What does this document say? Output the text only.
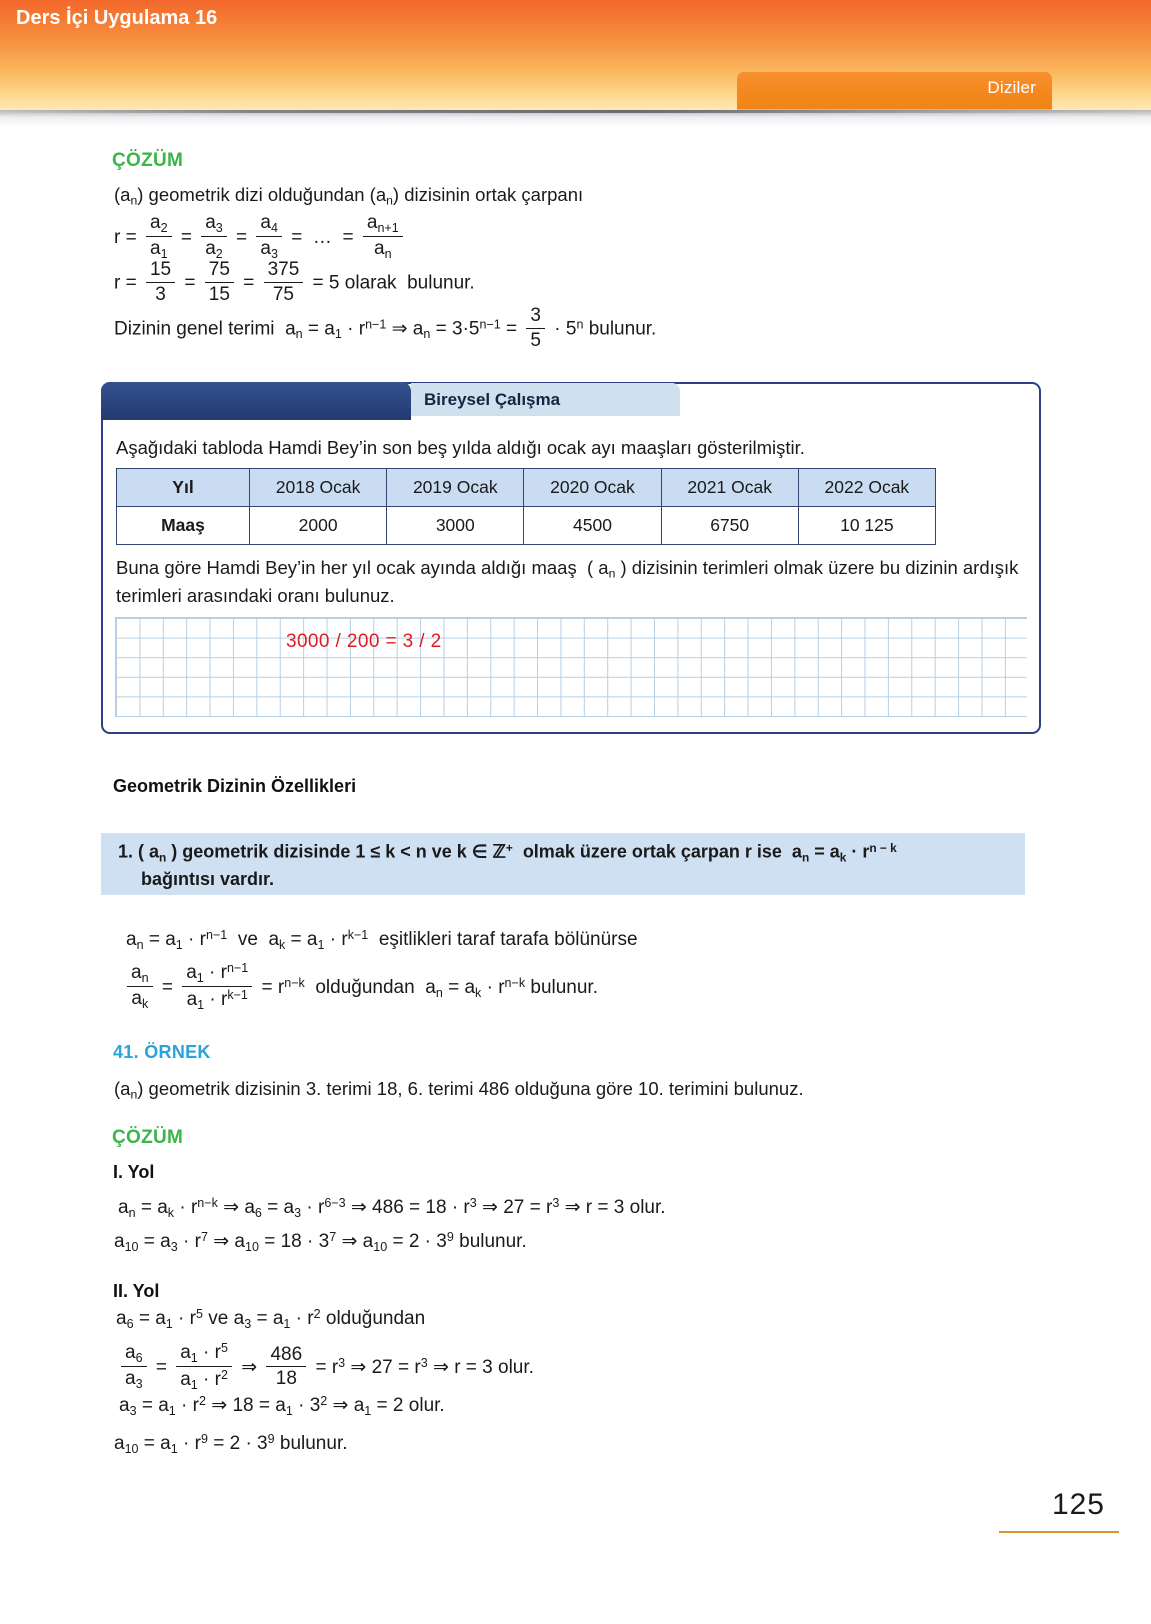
Diziler
ÇÖZÜM
$(a_n)$ geometrik dizi olduğundan $(a_n)$ dizisinin ortak çarpanı
$r = \frac{a_2}{a_1} = \frac{a_3}{a_2} = \frac{a_4}{a_3}$ =  …  = $\frac{a_{n+1}}{a_n}$
$r = \frac{15}{3} = \frac{75}{15} = \frac{375}{75} = 5$ olarak  bulunur.
Dizinin genel terimi  $a_n = a_1 \cdot r^{n-1}$ ⇒ $a_n = 3\cdot 5^{n-1} = \frac{3}{5} \cdot 5^n$ bulunur.
Bireysel Çalışma
Ders İçi Uygulama 16
Aşağıdaki tabloda Hamdi Bey’in son beş yılda aldığı ocak ayı maaşları gösterilmiştir.
Yıl	2018 Ocak	2019 Ocak	2020 Ocak	2021 Ocak	2022 Ocak
Maaş	2000	3000	4500	6750	10 125
Buna göre Hamdi Bey’in her yıl ocak ayında aldığı maaş  ( $a_n$ ) dizisinin terimleri olmak üzere bu dizinin ardışık terimleri arasındaki oranı bulunuz.
3000 / 200 = 3 / 2
Geometrik Dizinin Özellikleri
1. ( $a_n$ ) geometrik dizisinde 1 ≤ k < n ve k ∈ ℤ+  olmak üzere ortak çarpan r ise  $a_n = a_k \cdot r^{n - k}$
bağıntısı vardır.
$a_n = a_1 \cdot r^{n-1}$  ve  $a_k = a_1 \cdot r^{k-1}$  eşitlikleri taraf tarafa bölünürse
$\frac{a_n}{a_k} = \frac{a_1 \cdot r^{n-1}}{a_1 \cdot r^{k-1}} = r^{n-k}$  olduğundan  $a_n = a_k \cdot r^{n-k}$ bulunur.
41. ÖRNEK
$(a_n)$ geometrik dizisinin 3. terimi 18, 6. terimi 486 olduğuna göre 10. terimini bulunuz.
ÇÖZÜM
I. Yol
$a_n = a_k \cdot r^{n-k}$ ⇒ $a_6 = a_3 \cdot r^{6-3}$ ⇒ $486 = 18 \cdot r^3$ ⇒ $27 = r^3$ ⇒ r = 3 olur.
$a_{10} = a_3 \cdot r^7$ ⇒ $a_{10} = 18 \cdot 3^7$ ⇒ $a_{10} = 2 \cdot 3^9$ bulunur.
II. Yol
$a_6 = a_1 \cdot r^5$ ve $a_3 = a_1 \cdot r^2$ olduğundan
$\frac{a_6}{a_3} = \frac{a_1 \cdot r^5}{a_1 \cdot r^2}$ ⇒ $\frac{486}{18} = r^3$ ⇒ $27 = r^3$ ⇒ r = 3 olur.
$a_3 = a_1 \cdot r^2$ ⇒ $18 = a_1 \cdot 3^2$ ⇒ $a_1 = 2$ olur.
$a_{10} = a_1 \cdot r^9 = 2 \cdot 3^9$ bulunur.
125
